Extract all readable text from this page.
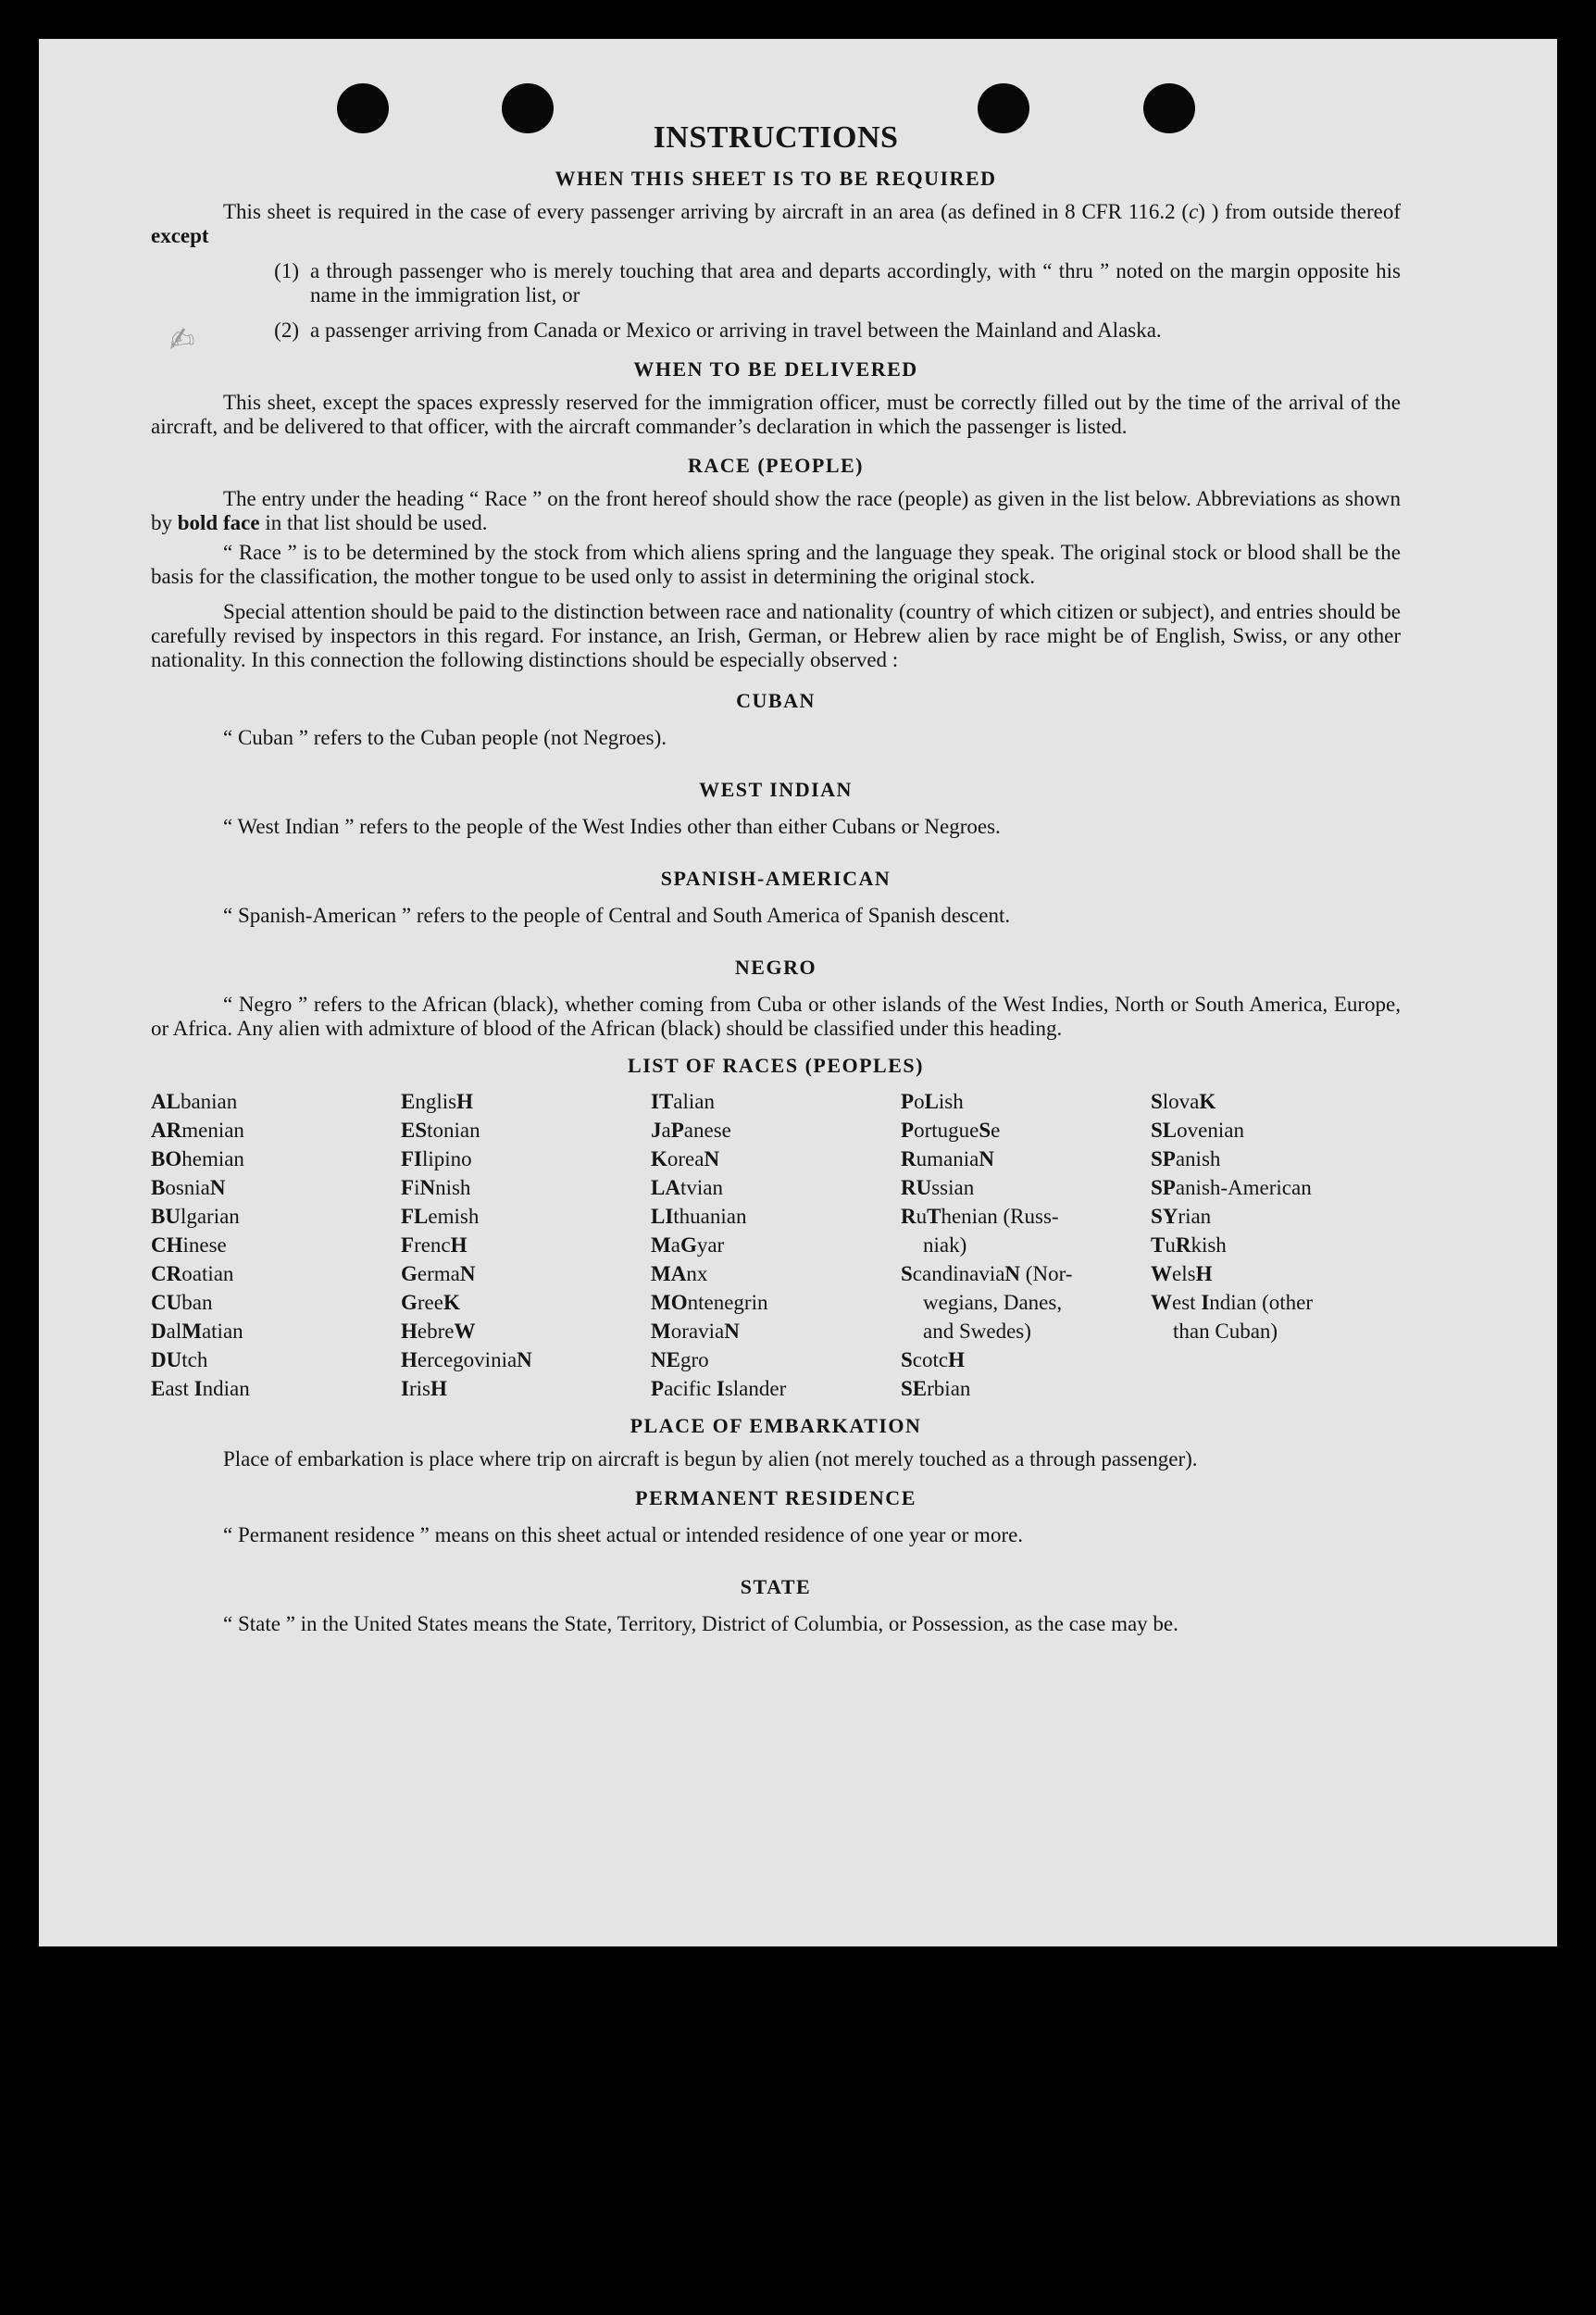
✍
INSTRUCTIONS
WHEN THIS SHEET IS TO BE REQUIRED

This sheet is required in the case of every passenger arriving by aircraft in an area (as defined in 8 CFR 116.2 (c) ) from outside thereof except

(1) a through passenger who is merely touching that area and departs accordingly, with “ thru ” noted on the margin opposite his name in the immigration list, or
(2) a passenger arriving from Canada or Mexico or arriving in travel between the Mainland and Alaska.
WHEN TO BE DELIVERED

This sheet, except the spaces expressly reserved for the immigration officer, must be correctly filled out by the time of the arrival of the aircraft, and be delivered to that officer, with the aircraft commander’s declaration in which the passenger is listed.

RACE (PEOPLE)

The entry under the heading “ Race ” on the front hereof should show the race (people) as given in the list below. Abbreviations as shown by bold face in that list should be used.

“ Race ” is to be determined by the stock from which aliens spring and the language they speak. The original stock or blood shall be the basis for the classification, the mother tongue to be used only to assist in determining the original stock.

Special attention should be paid to the distinction between race and nationality (country of which citizen or subject), and entries should be carefully revised by inspectors in this regard. For instance, an Irish, German, or Hebrew alien by race might be of English, Swiss, or any other nationality. In this connection the following distinctions should be especially observed :

CUBAN

“ Cuban ” refers to the Cuban people (not Negroes).

WEST INDIAN

“ West Indian ” refers to the people of the West Indies other than either Cubans or Negroes.

SPANISH-AMERICAN

“ Spanish-American ” refers to the people of Central and South America of Spanish descent.

NEGRO

“ Negro ” refers to the African (black), whether coming from Cuba or other islands of the West Indies, North or South America, Europe, or Africa. Any alien with admixture of blood of the African (black) should be classified under this heading.

LIST OF RACES (PEOPLES)
ALbanian
ARmenian
BOhemian
BosniaN
BUlgarian
CHinese
CRoatian
CUban
DalMatian
DUtch
East Indian
EnglisH
EStonian
FIlipino
FiNnish
FLemish
FrencH
GermaN
GreeK
HebreW
HercegoviniaN
IrisH
ITalian
JaPanese
KoreaN
LAtvian
LIthuanian
MaGyar
MAnx
MOntenegrin
MoraviaN
NEgro
Pacific Islander
PoLish
PortugueSe
RumaniaN
RUssian
RuThenian (Russ-
niak)
ScandinaviaN (Nor-
wegians, Danes,
and Swedes)
ScotcH
SErbian
SlovaK
SLovenian
SPanish
SPanish-American
SYrian
TuRkish
WelsH
West Indian (other
than Cuban)
PLACE OF EMBARKATION

Place of embarkation is place where trip on aircraft is begun by alien (not merely touched as a through passenger).

PERMANENT RESIDENCE

“ Permanent residence ” means on this sheet actual or intended residence of one year or more.

STATE

“ State ” in the United States means the State, Territory, District of Columbia, or Possession, as the case may be.
